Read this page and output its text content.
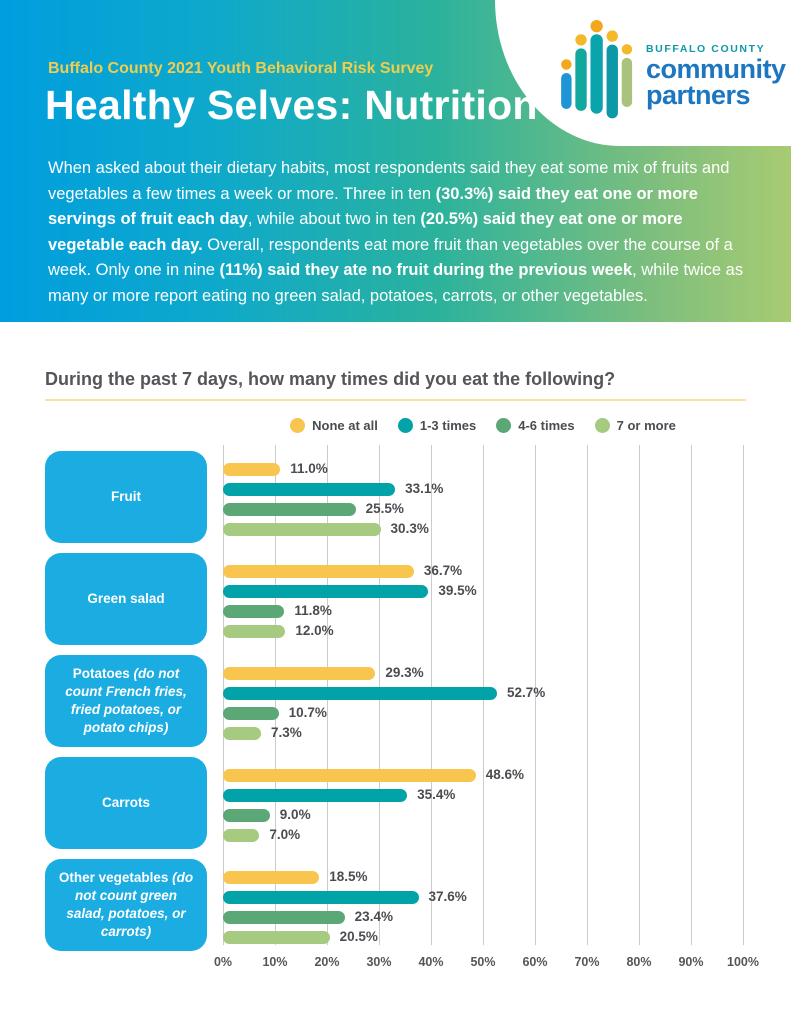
BUFFALO COUNTY
community
partners
Buffalo County 2021 Youth Behavioral Risk Survey
Healthy Selves: Nutrition
When asked about their dietary habits, most respondents said they eat some mix of fruits and vegetables a few times a week or more. Three in ten (30.3%) said they eat one or more servings of fruit each day, while about two in ten (20.5%) said they eat one or more vegetable each day. Overall, respondents eat more fruit than vegetables over the course of a week. Only one in nine (11%) said they ate no fruit during the previous week, while twice as many or more report eating no green salad, potatoes, carrots, or other vegetables.
During the past 7 days, how many times did you eat the following?
None at all	1-3 times	4-6 times	7 or more
0%	10%	20%	30%	40%	50%	60%	70%	80%	90%	100%
Fruit
11.0%
33.1%
25.5%
30.3%
Green salad
36.7%
39.5%
11.8%
12.0%
Potatoes (do not count French fries, fried potatoes, or potato chips)
29.3%
52.7%
10.7%
7.3%
Carrots
48.6%
35.4%
9.0%
7.0%
Other vegetables (do not count green salad, potatoes, or carrots)
18.5%
37.6%
23.4%
20.5%
